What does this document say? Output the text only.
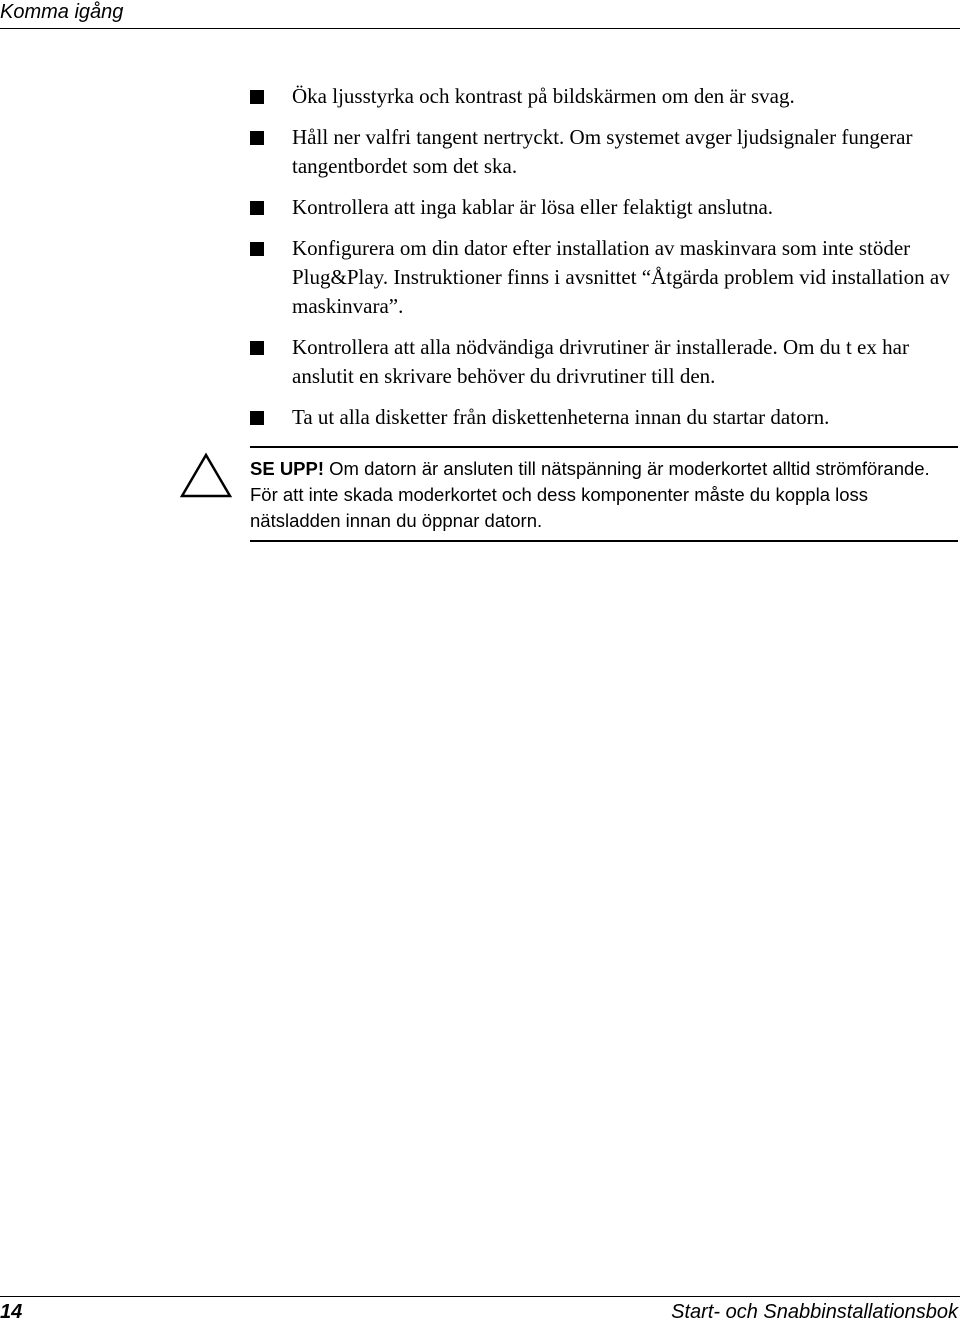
Komma igång
Öka ljusstyrka och kontrast på bildskärmen om den är svag.
Håll ner valfri tangent nertryckt. Om systemet avger ljudsignaler fungerar tangentbordet som det ska.
Kontrollera att inga kablar är lösa eller felaktigt anslutna.
Konfigurera om din dator efter installation av maskinvara som inte stöder Plug&Play. Instruktioner finns i avsnittet “Åtgärda problem vid installation av maskinvara”.
Kontrollera att alla nödvändiga drivrutiner är installerade. Om du t ex har anslutit en skrivare behöver du drivrutiner till den.
Ta ut alla disketter från diskettenheterna innan du startar datorn.

SE UPP! Om datorn är ansluten till nätspänning är moderkortet alltid strömförande. För att inte skada moderkortet och dess komponenter måste du koppla loss nätsladden innan du öppnar datorn.

14	Start- och Snabbinstallationsbok
